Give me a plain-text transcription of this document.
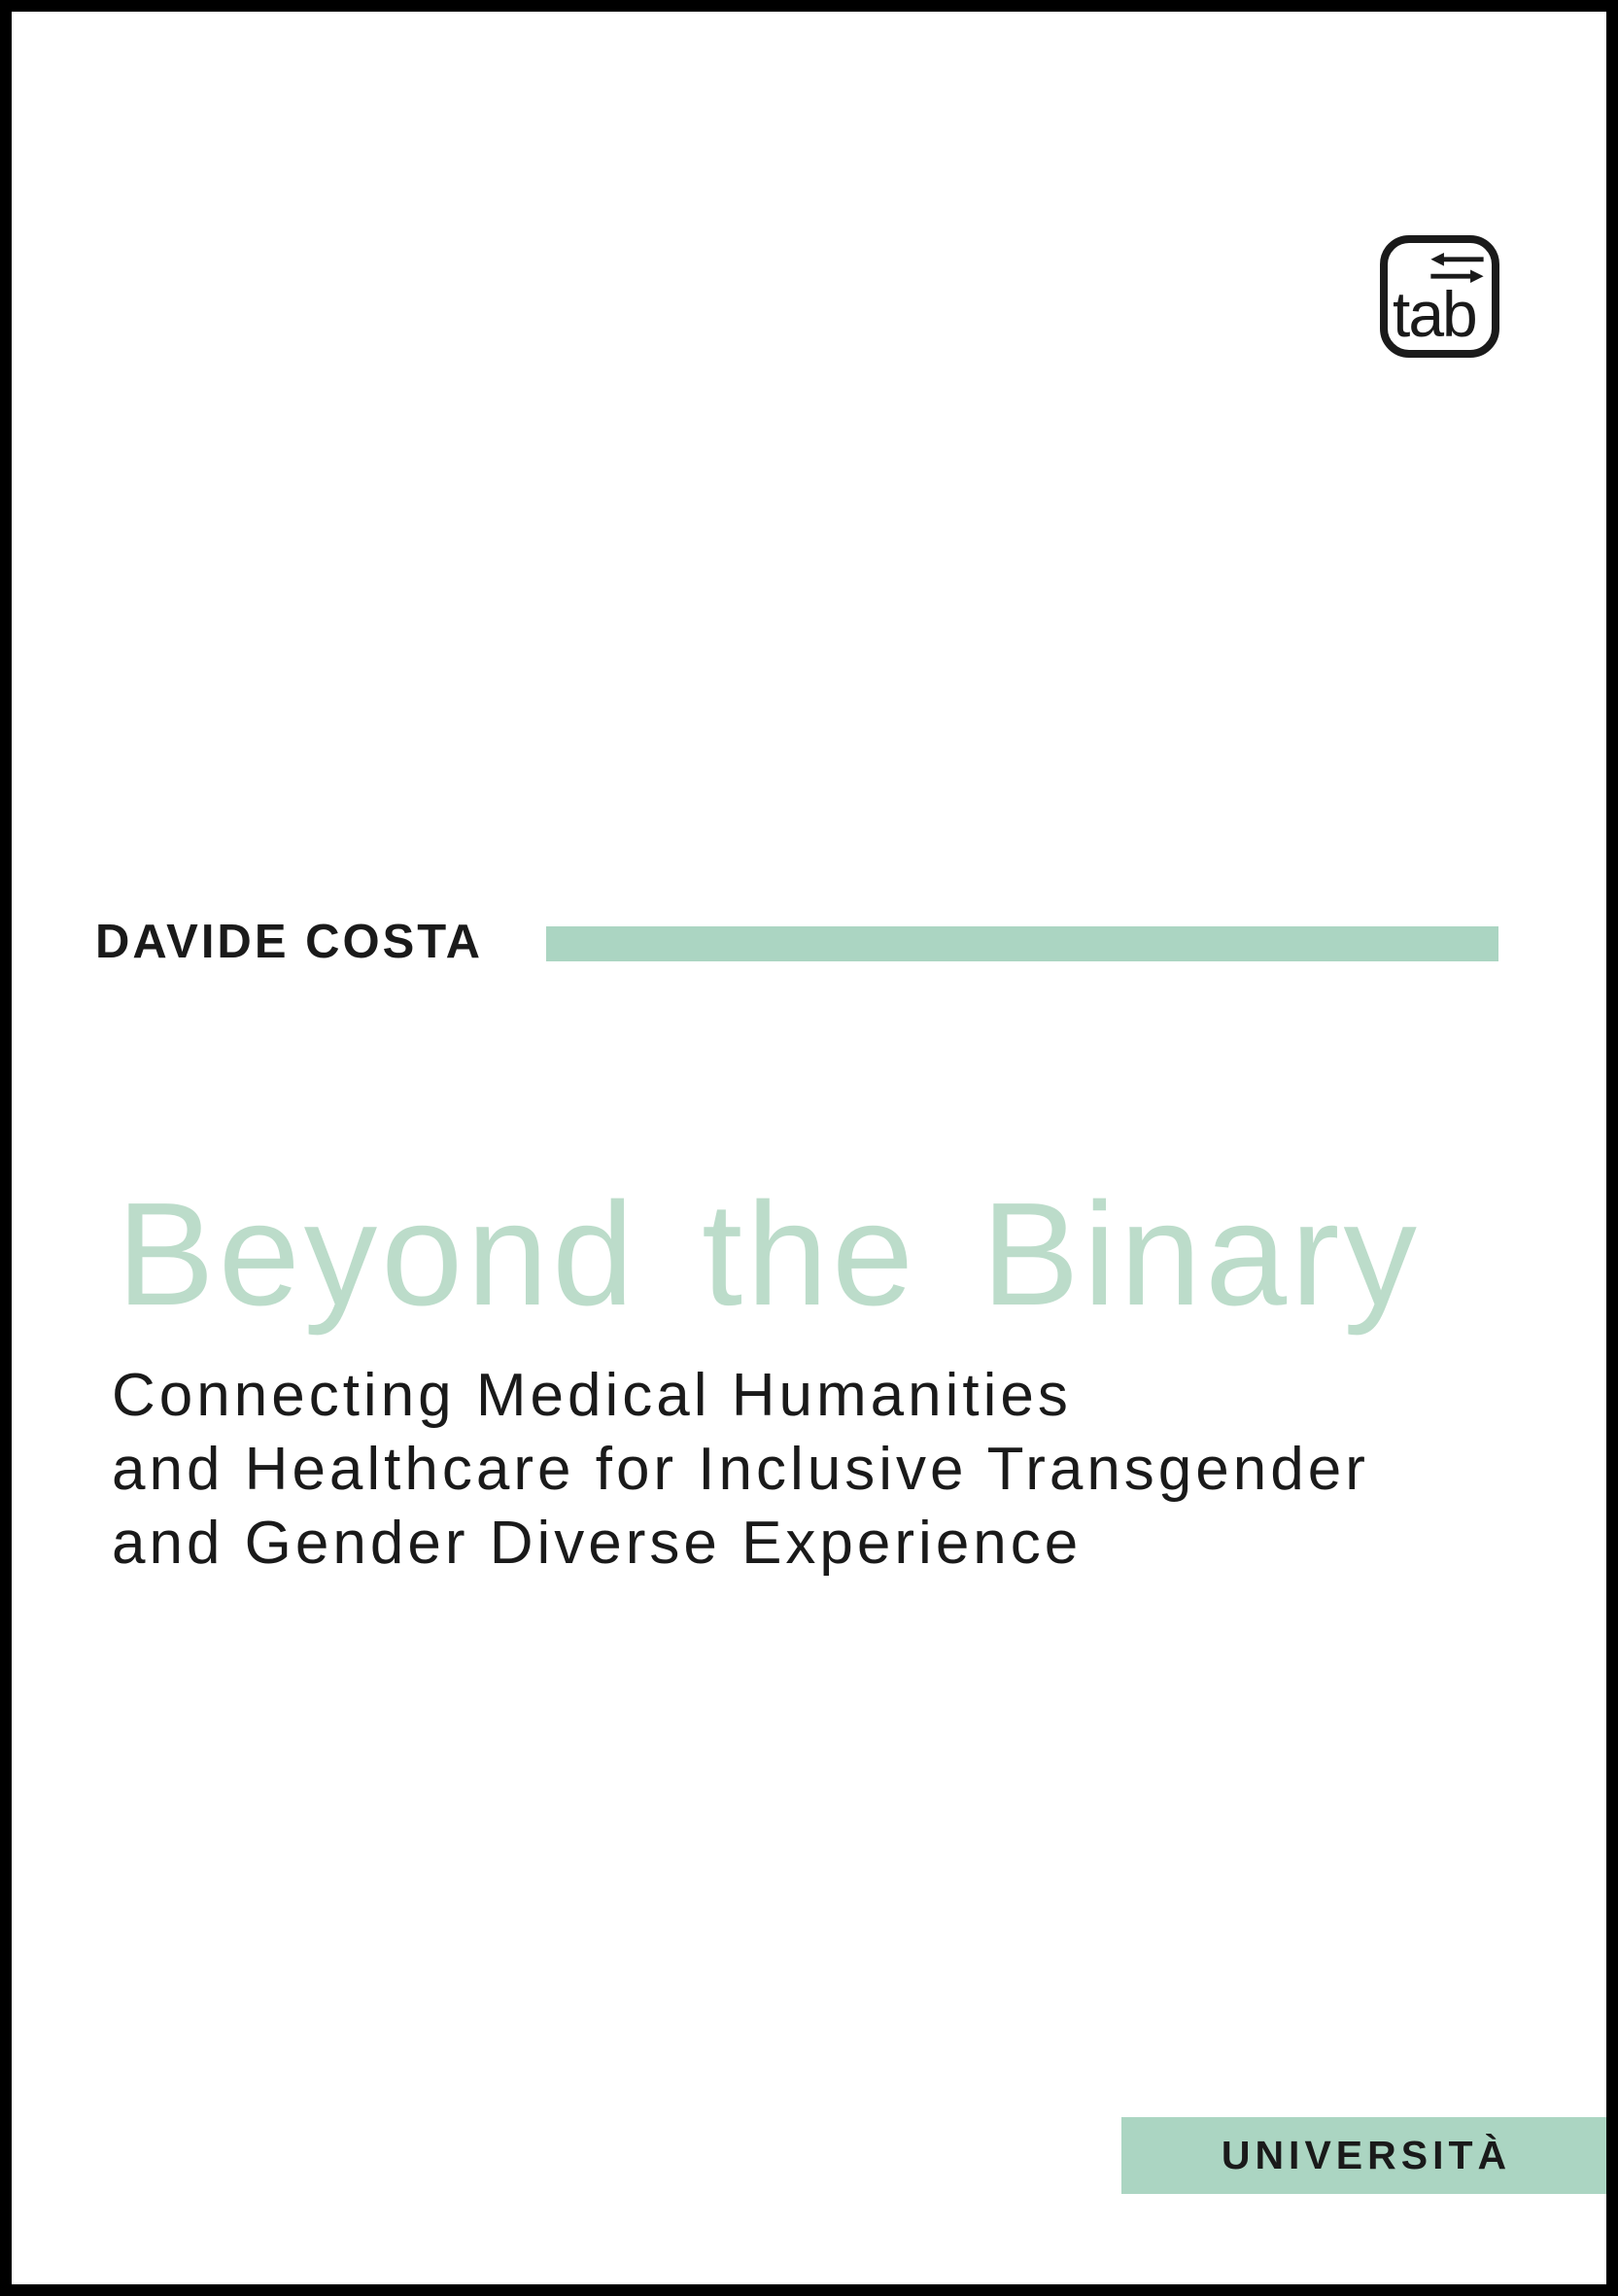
tab
DAVIDE COSTA
Beyond the Binary
Connecting Medical Humanities
and Healthcare for Inclusive Transgender
and Gender Diverse Experience
UNIVERSITÀ
